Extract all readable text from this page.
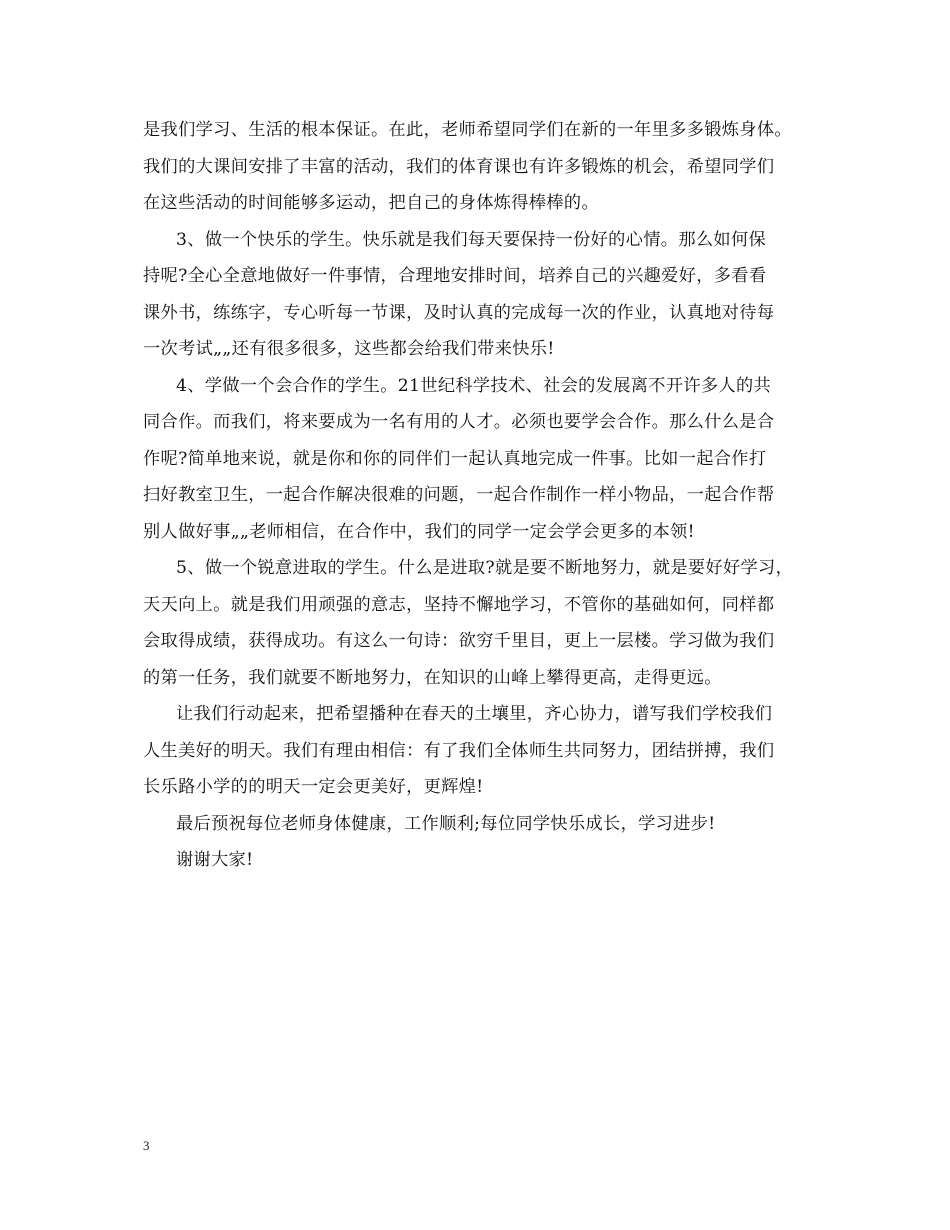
是我们学习、生活的根本保证。在此，老师希望同学们在新的一年里多多锻炼身体。
我们的大课间安排了丰富的活动，我们的体育课也有许多锻炼的机会，希望同学们
在这些活动的时间能够多运动，把自己的身体炼得棒棒的。
3、做一个快乐的学生。快乐就是我们每天要保持一份好的心情。那么如何保
持呢?全心全意地做好一件事情，合理地安排时间，培养自己的兴趣爱好，多看看
课外书，练练字，专心听每一节课，及时认真的完成每一次的作业，认真地对待每
一次考试„„还有很多很多，这些都会给我们带来快乐!
4、学做一个会合作的学生。21世纪科学技术、社会的发展离不开许多人的共
同合作。而我们，将来要成为一名有用的人才。必须也要学会合作。那么什么是合
作呢?简单地来说，就是你和你的同伴们一起认真地完成一件事。比如一起合作打
扫好教室卫生，一起合作解决很难的问题，一起合作制作一样小物品，一起合作帮
别人做好事„„老师相信，在合作中，我们的同学一定会学会更多的本领!
5、做一个锐意进取的学生。什么是进取?就是要不断地努力，就是要好好学习，
天天向上。就是我们用顽强的意志，坚持不懈地学习，不管你的基础如何，同样都
会取得成绩，获得成功。有这么一句诗：欲穷千里目，更上一层楼。学习做为我们
的第一任务，我们就要不断地努力，在知识的山峰上攀得更高，走得更远。
让我们行动起来，把希望播种在春天的土壤里，齐心协力，谱写我们学校我们
人生美好的明天。我们有理由相信：有了我们全体师生共同努力，团结拼搏，我们
长乐路小学的的明天一定会更美好，更辉煌!
最后预祝每位老师身体健康，工作顺利;每位同学快乐成长，学习进步!
谢谢大家!
3
